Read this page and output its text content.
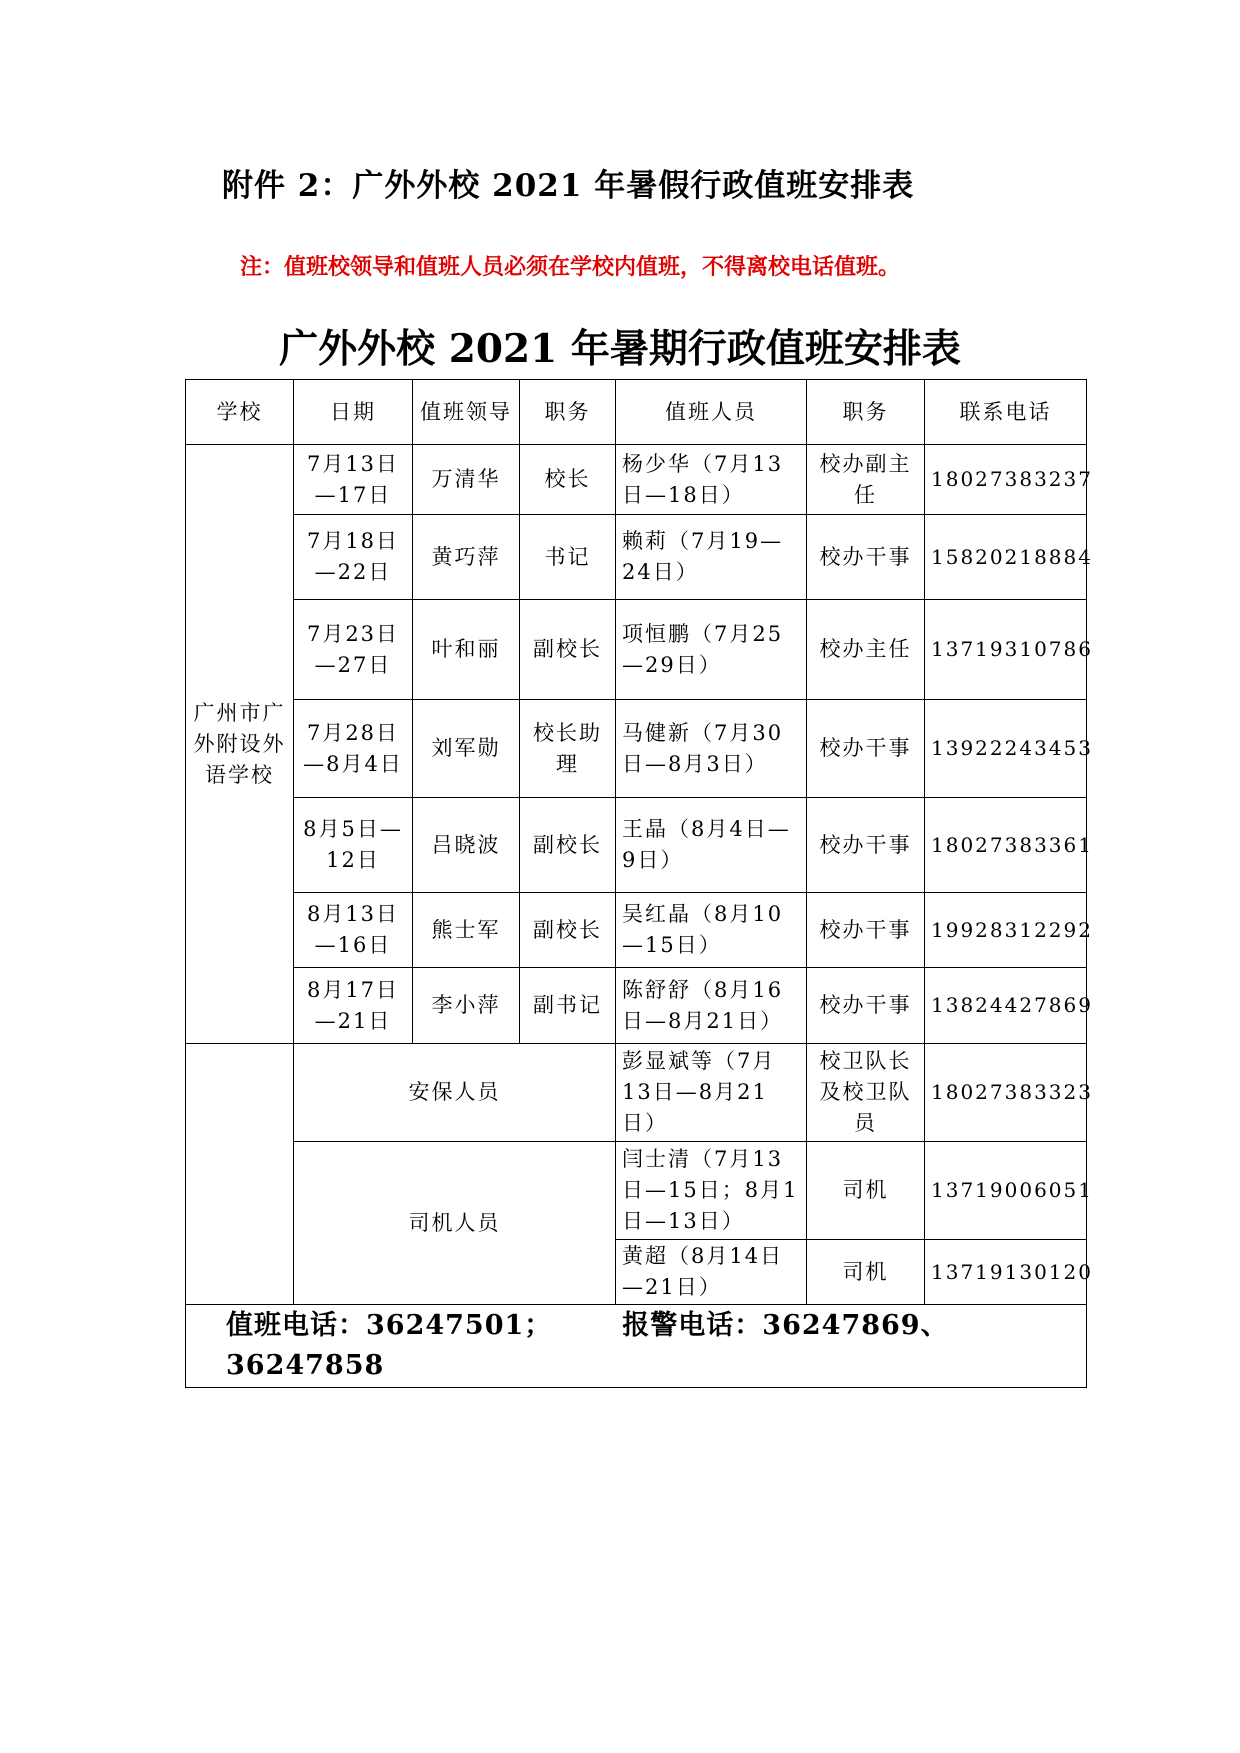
附件 2：广外外校 2021 年暑假行政值班安排表
注：值班校领导和值班人员必须在学校内值班，不得离校电话值班。
广外外校 2021 年暑期行政值班安排表
学校	日期	值班领导	职务	值班人员	职务	联系电话
广州市广外附设外语学校	7月13日—17日	万清华	校长	杨少华（7月13日—18日）	校办副主任	18027383237
	7月18日—22日	黄巧萍	书记	赖莉（7月19—24日）	校办干事	15820218884
	7月23日—27日	叶和丽	副校长	项恒鹏（7月25—29日）	校办主任	13719310786
	7月28日—8月4日	刘军勋	校长助理	马健新（7月30日—8月3日）	校办干事	13922243453
	8月5日—12日	吕晓波	副校长	王晶（8月4日—9日）	校办干事	18027383361
	8月13日—16日	熊士军	副校长	吴红晶（8月10—15日）	校办干事	19928312292
	8月17日—21日	李小萍	副书记	陈舒舒（8月16日—8月21日）	校办干事	13824427869
	安保人员			彭显斌等（7月13日—8月21日）	校卫队长及校卫队员	18027383323
	司机人员			闫士清（7月13日—15日；8月1日—13日）	司机	13719006051
				黄超（8月14日—21日）	司机	13719130120
值班电话：36247501； 报警电话：36247869、36247858						
